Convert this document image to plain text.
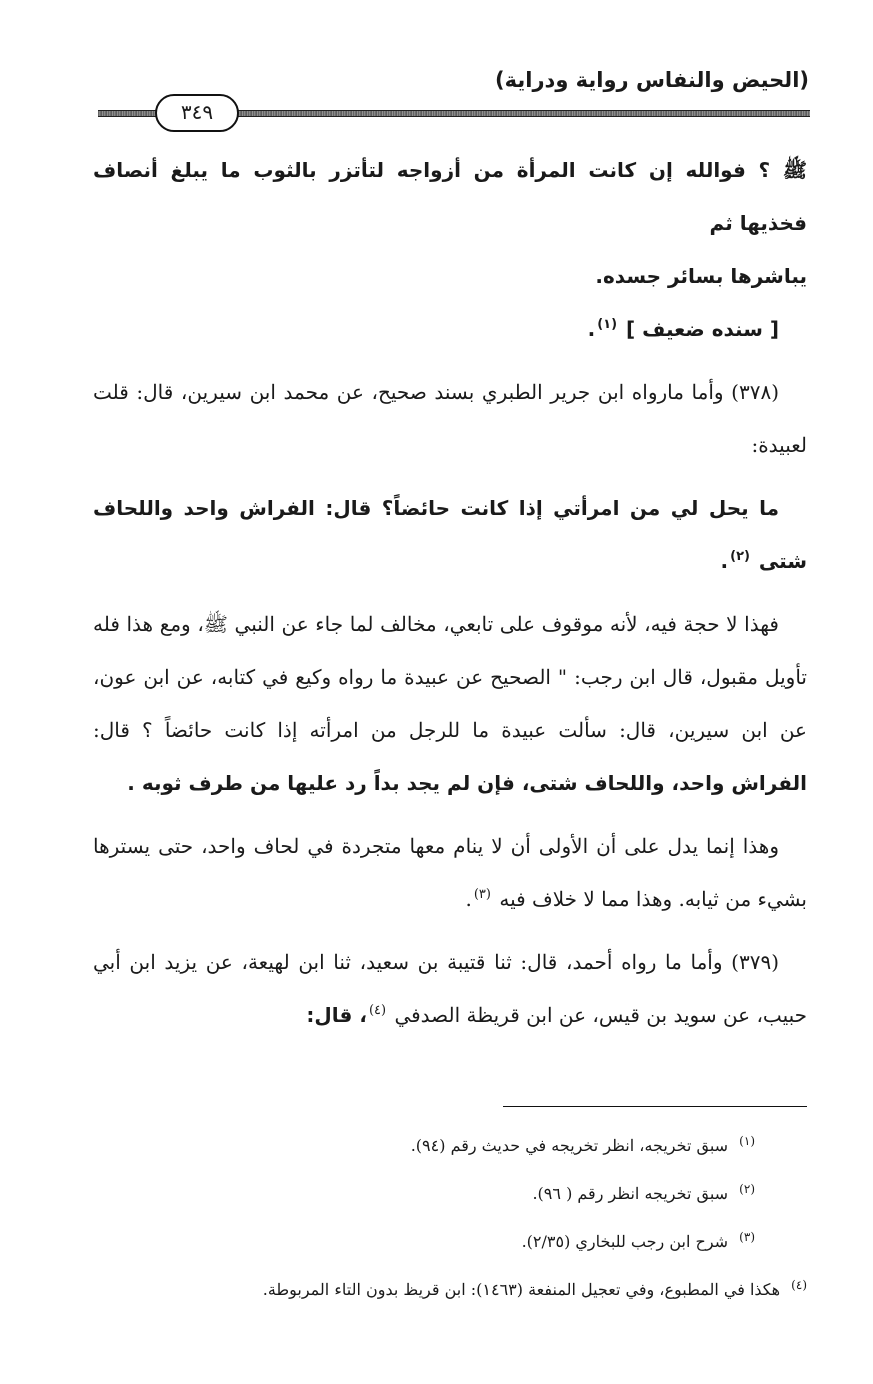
(الحيض والنفاس رواية ودراية)
٣٤٩

ﷺ ؟ فوالله إن كانت المرأة من أزواجه لتأتزر بالثوب ما يبلغ أنصاف فخذيها ثم
يباشرها بسائر جسده.

[ سنده ضعيف ] $^{(١)}$.

(٣٧٨) وأما مارواه ابن جرير الطبري بسند صحيح، عن محمد ابن سيرين، قال: قلت لعبيدة:

ما يحل لي من امرأتي إذا كانت حائضاً؟ قال: الفراش واحد واللحاف شتى $^{(٢)}$.

فهذا لا حجة فيه، لأنه موقوف على تابعي، مخالف لما جاء عن النبي ﷺ، ومع هذا فله تأويل مقبول، قال ابن رجب: " الصحيح عن عبيدة ما رواه وكيع في كتابه، عن ابن عون، عن ابن سيرين، قال: سألت عبيدة ما للرجل من امرأته إذا كانت حائضاً ؟ قال: الفراش واحد، واللحاف شتى، فإن لم يجد بداً رد عليها من طرف ثوبه .

وهذا إنما يدل على أن الأولى أن لا ينام معها متجردة في لحاف واحد، حتى يسترها بشيء من ثيابه. وهذا مما لا خلاف فيه $^{(٣)}$.

(٣٧٩) وأما ما رواه أحمد، قال: ثنا قتيبة بن سعيد، ثنا ابن لهيعة، عن يزيد ابن أبي حبيب، عن سويد بن قيس، عن ابن قريظة الصدفي $^{(٤)}$، قال:

$^{(١)}$ سبق تخريجه، انظر تخريجه في حديث رقم (٩٤).

$^{(٢)}$ سبق تخريجه انظر رقم ( ٩٦).

$^{(٣)}$ شرح ابن رجب للبخاري (٢/٣٥).

$^{(٤)}$ هكذا في المطبوع، وفي تعجيل المنفعة (١٤٦٣): ابن قريظ بدون التاء المربوطة.
